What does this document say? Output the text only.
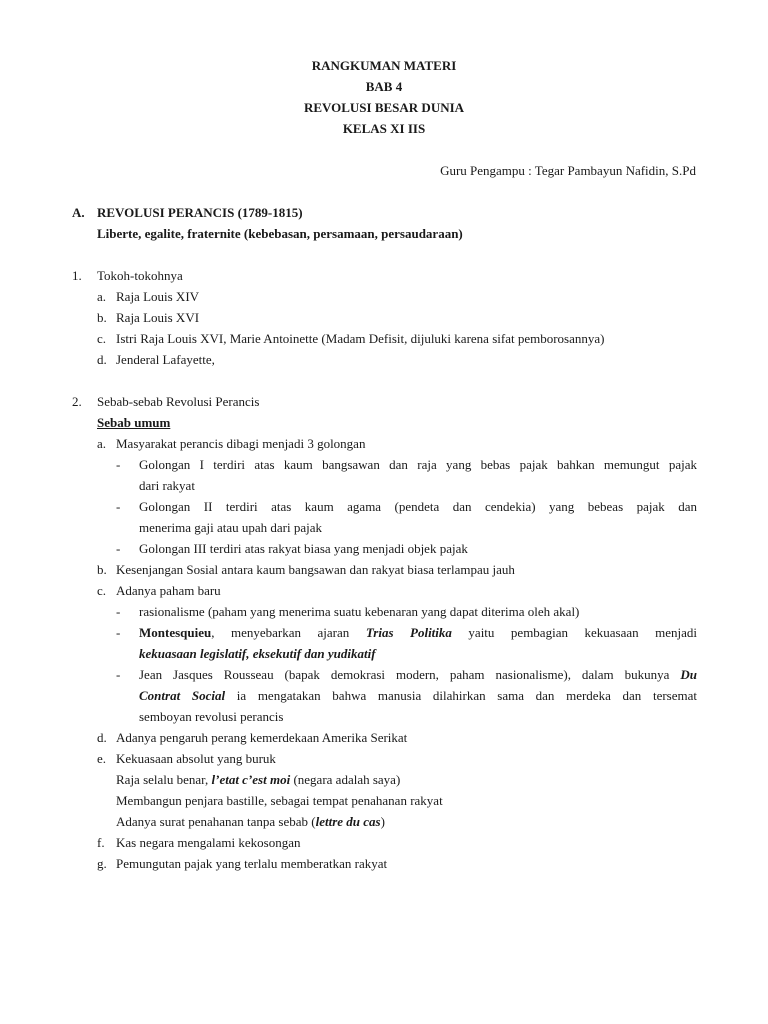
RANGKUMAN MATERI
BAB 4
REVOLUSI BESAR DUNIA
KELAS XI IIS
Guru Pengampu : Tegar Pambayun Nafidin, S.Pd
A. REVOLUSI PERANCIS (1789-1815)
Liberte, egalite, fraternite (kebebasan, persamaan, persaudaraan)
1. Tokoh-tokohnya
a. Raja Louis XIV
b. Raja Louis XVI
c. Istri Raja Louis XVI, Marie Antoinette (Madam Defisit, dijuluki karena sifat pemborosannya)
d. Jenderal Lafayette,
2. Sebab-sebab Revolusi Perancis
Sebab umum
a. Masyarakat perancis dibagi menjadi 3 golongan
- Golongan I terdiri atas kaum bangsawan dan raja yang bebas pajak bahkan memungut pajak
dari rakyat
- Golongan II terdiri atas kaum agama (pendeta dan cendekia) yang bebeas pajak dan
menerima gaji atau upah dari pajak
- Golongan III terdiri atas rakyat biasa yang menjadi objek pajak
b. Kesenjangan Sosial antara kaum bangsawan dan rakyat biasa terlampau jauh
c. Adanya paham baru
- rasionalisme (paham yang menerima suatu kebenaran yang dapat diterima oleh akal)
- Montesquieu, menyebarkan ajaran Trias Politika yaitu pembagian kekuasaan menjadi
kekuasaan legislatif, eksekutif dan yudikatif
- Jean Jasques Rousseau (bapak demokrasi modern, paham nasionalisme), dalam bukunya Du
Contrat Social ia mengatakan bahwa manusia dilahirkan sama dan merdeka dan tersemat
semboyan revolusi perancis
d. Adanya pengaruh perang kemerdekaan Amerika Serikat
e. Kekuasaan absolut yang buruk
Raja selalu benar, l’etat c’est moi (negara adalah saya)
Membangun penjara bastille, sebagai tempat penahanan rakyat
Adanya surat penahanan tanpa sebab (lettre du cas)
f. Kas negara mengalami kekosongan
g. Pemungutan pajak yang terlalu memberatkan rakyat
